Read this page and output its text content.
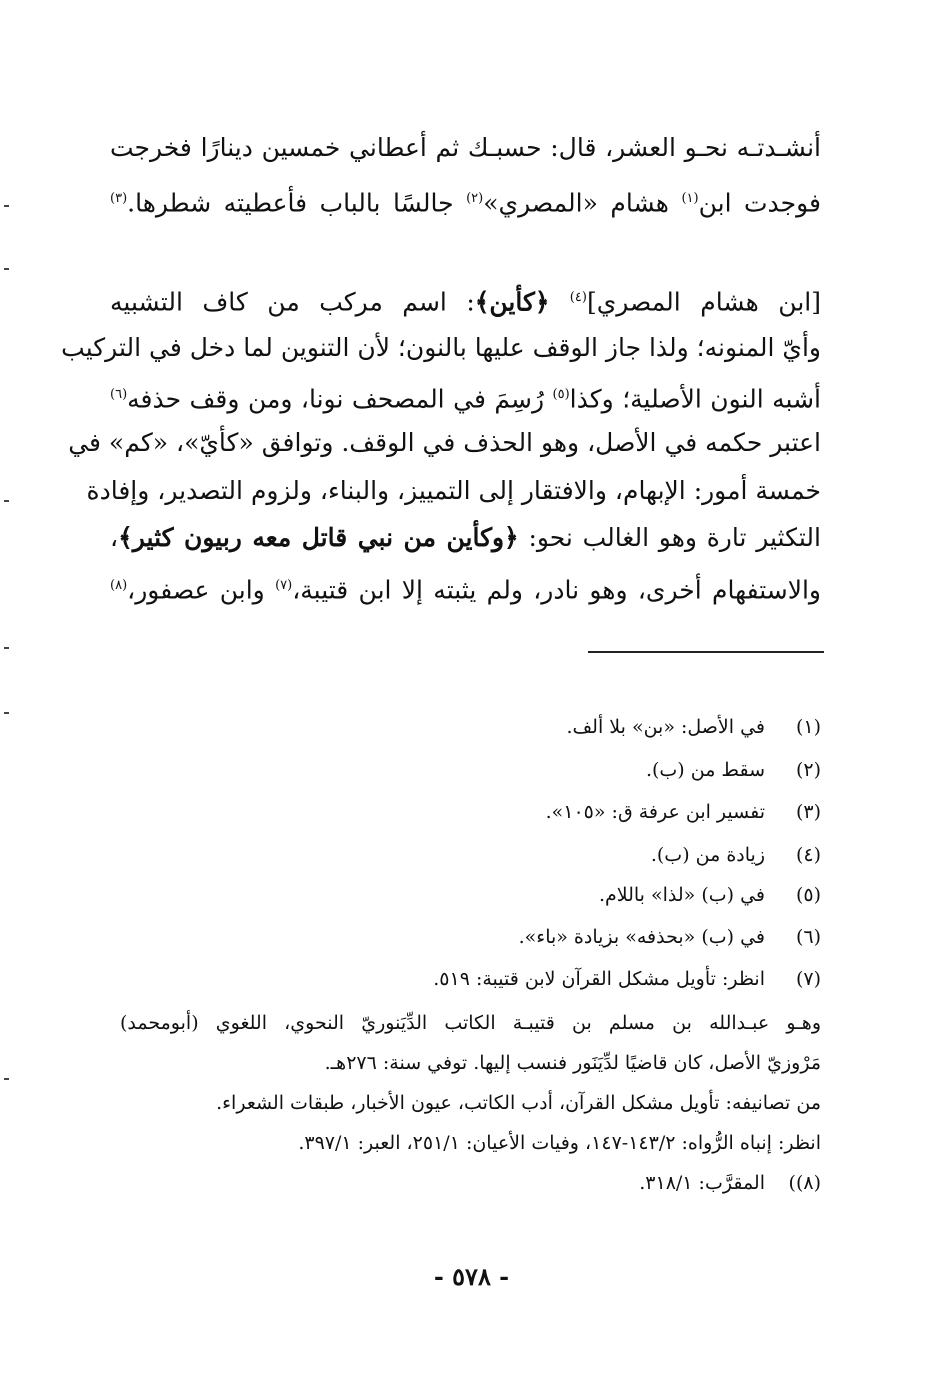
أنشـدتـه نحـو العشر، قال: حسبـك ثم أعطاني خمسين دينارًا فخرجت
فوجدت ابن$^{(١)}$ هشام «المصري»$^{(٢)}$ جالسًا بالباب فأعطيته شطرها.$^{(٣)}$
[ابن هشام المصري]$^{(٤)}$ ﴿كأين﴾: اسم مركب من كاف التشبيه
وأيّ المنونه؛ ولذا جاز الوقف عليها بالنون؛ لأن التنوين لما دخل في التركيب
أشبه النون الأصلية؛ وكذا$^{(٥)}$ رُسِمَ في المصحف نونا، ومن وقف حذفه$^{(٦)}$
اعتبر حكمه في الأصل، وهو الحذف في الوقف. وتوافق «كأيّ»، «كم» في
خمسة أمور: الإبهام، والافتقار إلى التمييز، والبناء، ولزوم التصدير، وإفادة
التكثير تارة وهو الغالب نحو: ﴿وكأين من نبي قاتل معه ربيون كثير﴾،
والاستفهام أخرى، وهو نادر، ولم يثبته إلا ابن قتيبة،$^{(٧)}$ وابن عصفور،$^{(٨)}$
(١)في الأصل: «بن» بلا ألف.
(٢)سقط من (ب).
(٣)تفسير ابن عرفة ق: «١٠٥».
(٤)زيادة من (ب).
(٥)في (ب) «لذا» باللام.
(٦)في (ب) «بحذفه» بزيادة «باء».
(٧)انظر: تأويل مشكل القرآن لابن قتيبة: ٥١٩.
وهـو عبـدالله بن مسلم بن قتيبـة الكاتب الدِّيَنوريّ النحوي، اللغوي (أبومحمد)
مَرْوزيّ الأصل، كان قاضيًا لدِّيَنَور فنسب إليها. توفي سنة: ٢٧٦هـ.
من تصانيفه: تأويل مشكل القرآن، أدب الكاتب، عيون الأخبار، طبقات الشعراء.
انظر: إنباه الرُّواه: ١٤٣/٢-١٤٧، وفيات الأعيان: ٢٥١/١، العبر: ٣٩٧/١.
(٨))المقرَّب: ٣١٨/١.
- ٥٧٨ -
